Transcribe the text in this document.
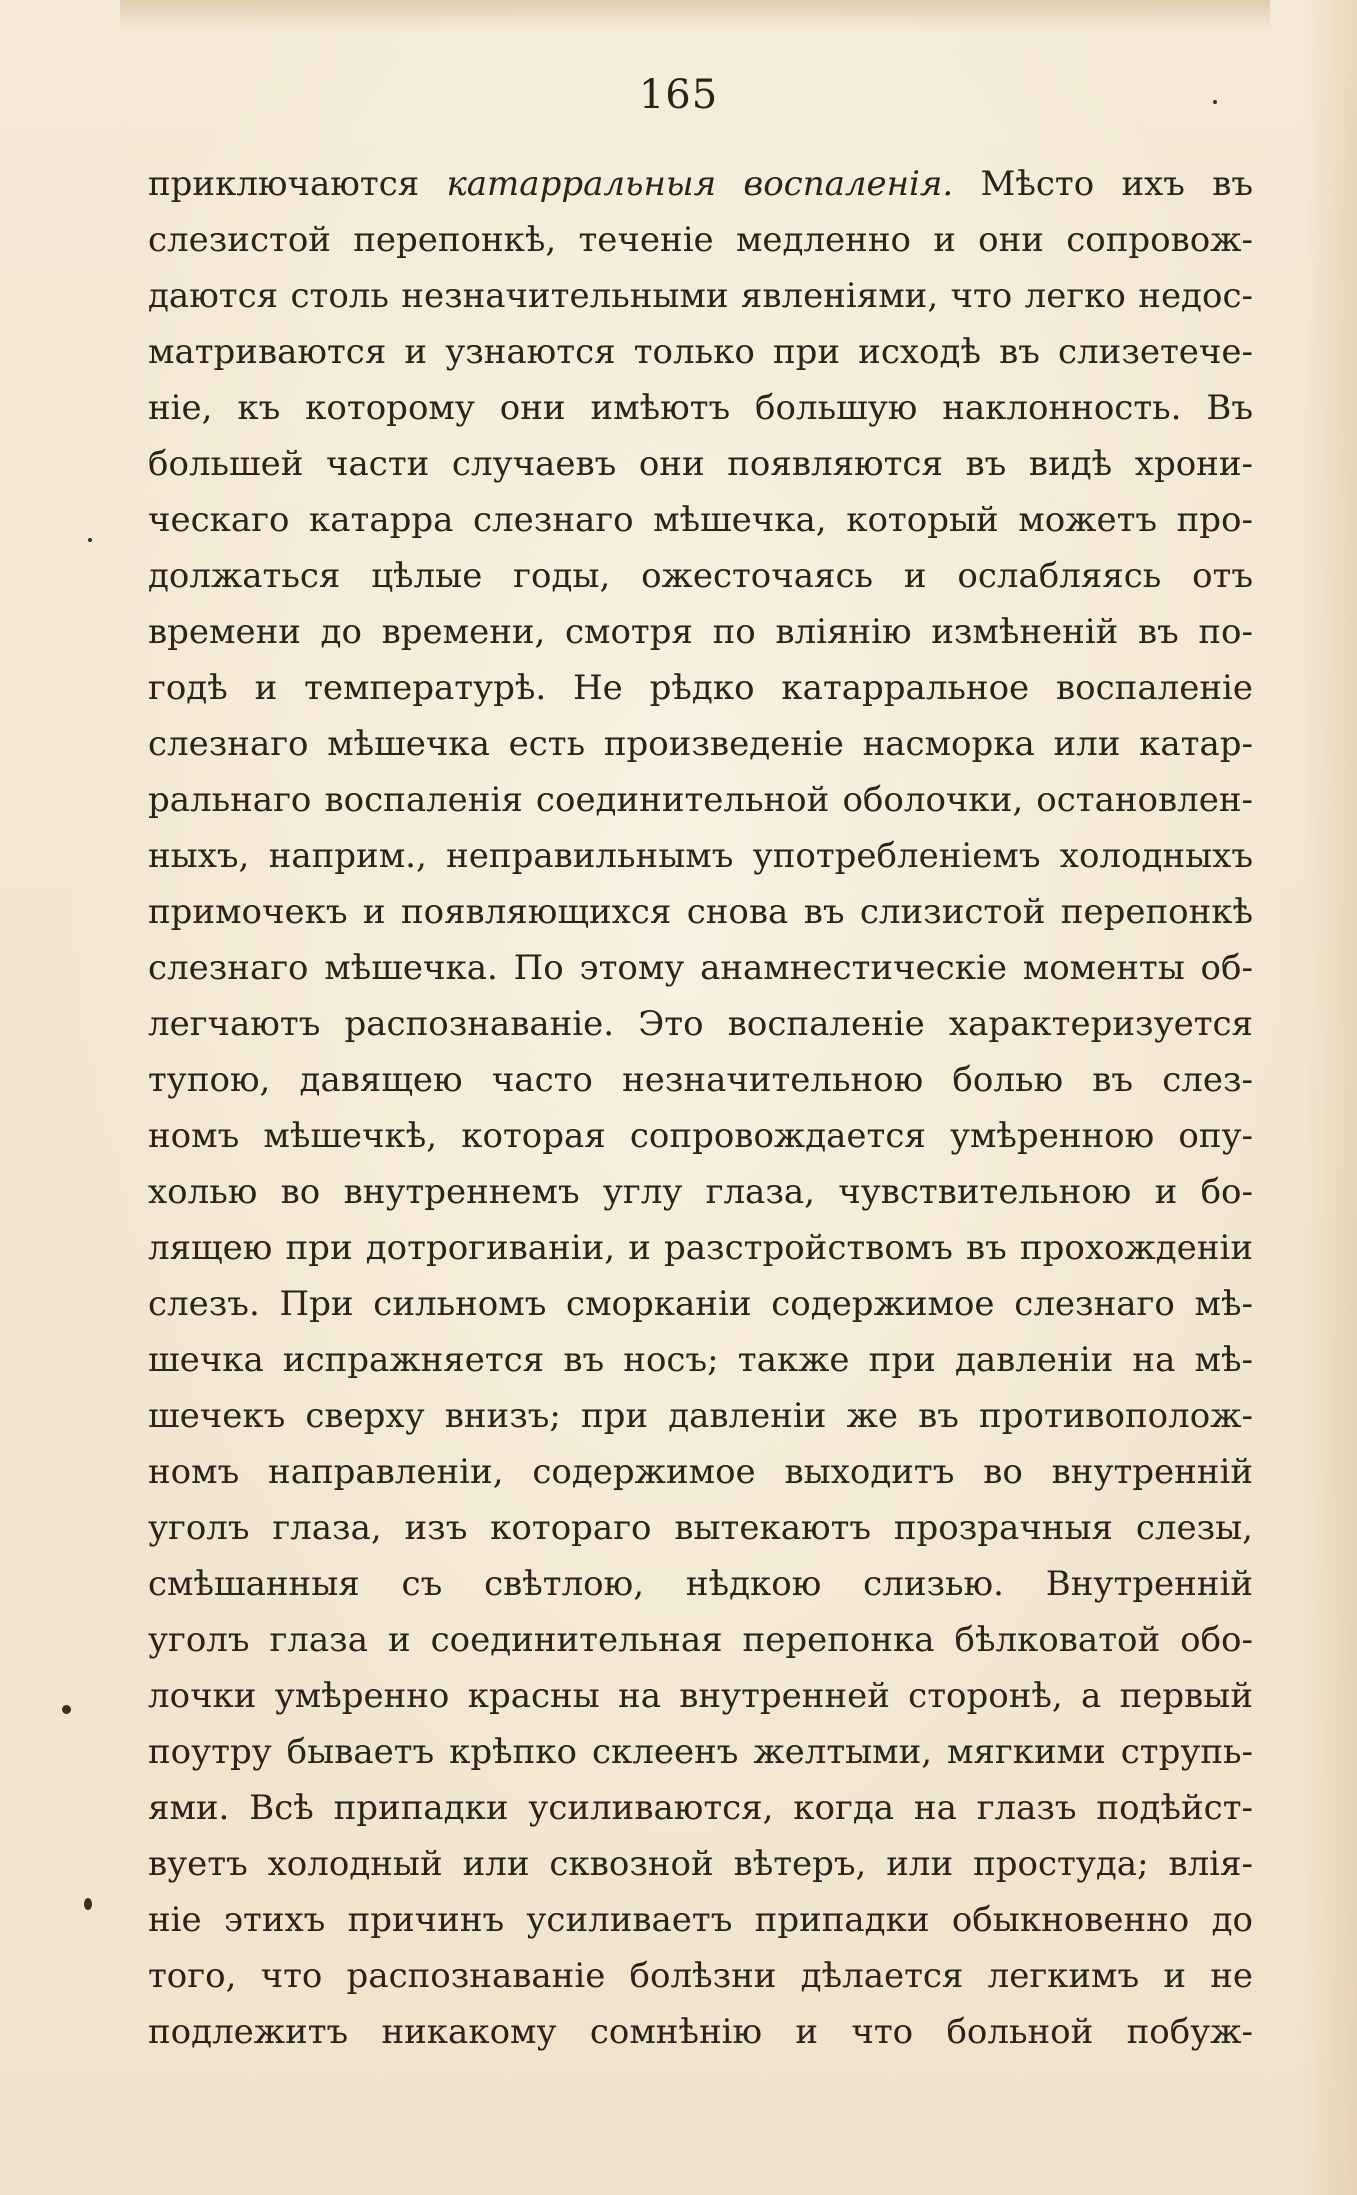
165
приключаются катарральныя воспаленія. Мѣсто ихъ въ
слезистой перепонкѣ, теченіе медленно и они сопровож-
даются столь незначительными явленіями, что легко недос-
матриваются и узнаются только при исходѣ въ слизетече-
ніе, къ которому они имѣютъ большую наклонность. Въ
большей части случаевъ они появляются въ видѣ хрони-
ческаго катарра слезнаго мѣшечка, который можетъ про-
должаться цѣлые годы, ожесточаясь и ослабляясь отъ
времени до времени, смотря по вліянію измѣненій въ по-
годѣ и температурѣ. Не рѣдко катарральное воспаленіе
слезнаго мѣшечка есть произведеніе насморка или катар-
ральнаго воспаленія соединительной оболочки, остановлен-
ныхъ, наприм., неправильнымъ употребленіемъ холодныхъ
примочекъ и появляющихся снова въ слизистой перепонкѣ
слезнаго мѣшечка. По этому анамнестическіе моменты об-
легчаютъ распознаваніе. Это воспаленіе характеризуется
тупою, давящею часто незначительною болью въ слез-
номъ мѣшечкѣ, которая сопровождается умѣренною опу-
холью во внутреннемъ углу глаза, чувствительною и бо-
лящею при дотрогиваніи, и разстройствомъ въ прохожденіи
слезъ. При сильномъ сморканіи содержимое слезнаго мѣ-
шечка испражняется въ носъ; также при давленіи на мѣ-
шечекъ сверху внизъ; при давленіи же въ противополож-
номъ направленіи, содержимое выходитъ во внутренній
уголъ глаза, изъ котораго вытекаютъ прозрачныя слезы,
смѣшанныя съ свѣтлою, нѣдкою слизью. Внутренній
уголъ глаза и соединительная перепонка бѣлковатой обо-
лочки умѣренно красны на внутренней сторонѣ, а первый
поутру бываетъ крѣпко склеенъ желтыми, мягкими струпь-
ями. Всѣ припадки усиливаются, когда на глазъ подѣйст-
вуетъ холодный или сквозной вѣтеръ, или простуда; влія-
ніе этихъ причинъ усиливаетъ припадки обыкновенно до
того, что распознаваніе болѣзни дѣлается легкимъ и не
подлежитъ никакому сомнѣнію и что больной побуж-
